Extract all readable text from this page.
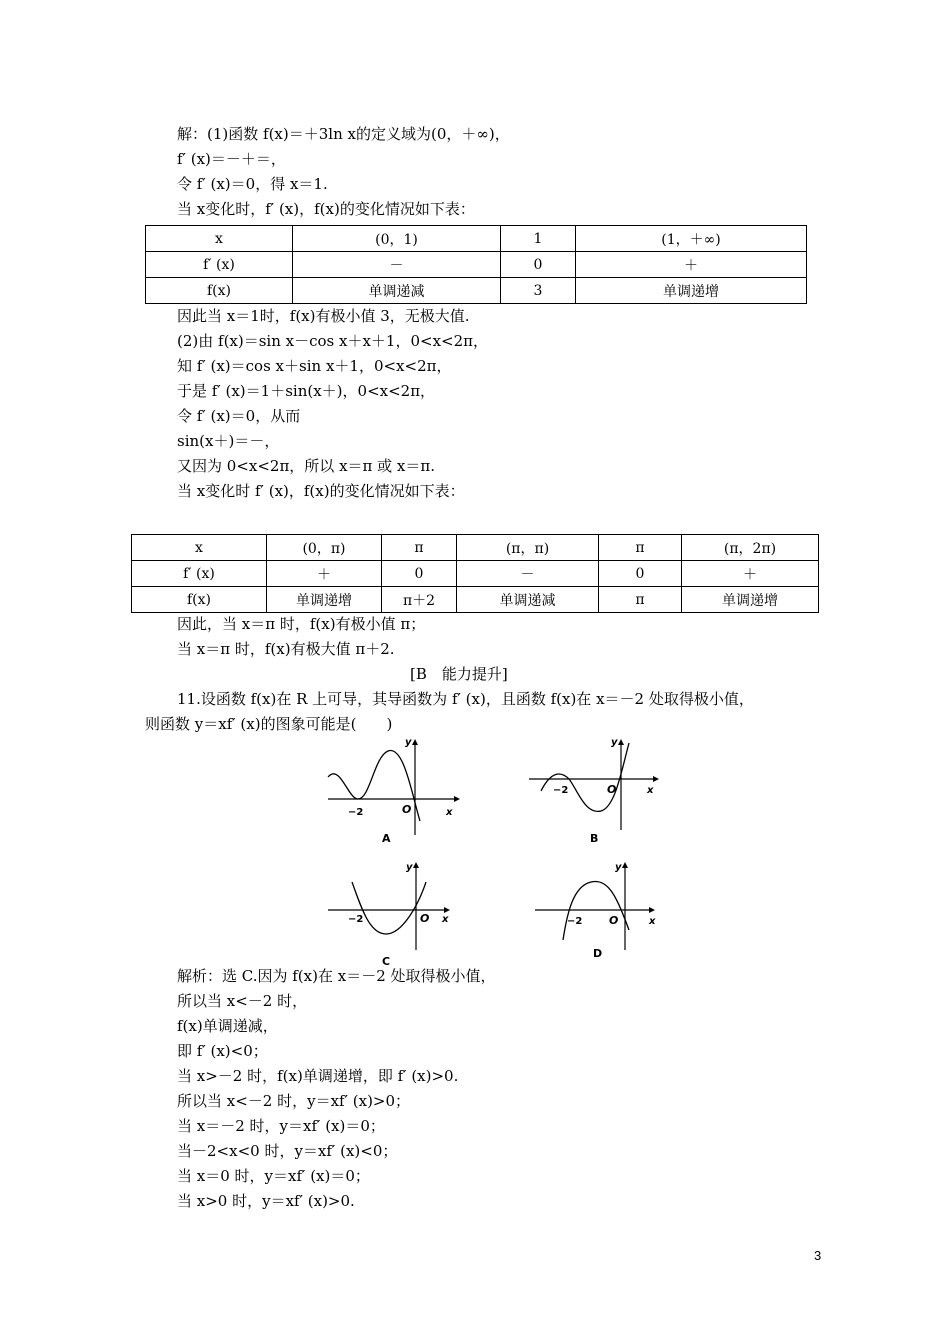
解：(1)函数 f(x)＝＋3ln x的定义域为(0，＋∞)，
f′ (x)＝－＋＝，
令 f′ (x)＝0，得 x＝1.
当 x变化时，f′ (x)，f(x)的变化情况如下表：
x	(0，1)	1	(1，＋∞)
f′ (x)	－	0	＋
f(x)	单调递减	3	单调递增
因此当 x＝1时，f(x)有极小值 3，无极大值.
(2)由 f(x)＝sin x－cos x＋x＋1，0<x<2π，
知 f′ (x)＝cos x＋sin x＋1，0<x<2π，
于是 f′ (x)＝1＋sin(x＋)，0<x<2π，
令 f′ (x)＝0，从而
sin(x＋)＝－，
又因为 0<x<2π，所以 x＝π 或 x＝π.
当 x变化时 f′ (x)，f(x)的变化情况如下表：
x	(0，π)	π	(π，π)	π	(π，2π)
f′ (x)	＋	0	－	0	＋
f(x)	单调递增	π＋2	单调递减	π	单调递增
因此，当 x＝π 时，f(x)有极小值 π；
当 x＝π 时，f(x)有极大值 π＋2.
[B　能力提升]
11.设函数 f(x)在 R 上可导，其导函数为 f′ (x)，且函数 f(x)在 x＝－2 处取得极小值，
则函数 y＝xf′ (x)的图象可能是(　　)
y
x
O
−2
A
y
x
O
−2
B
y
x
O
−2
C
y
x
O
−2
D
解析：选 C.因为 f(x)在 x＝－2 处取得极小值，
所以当 x<－2 时，
f(x)单调递减，
即 f′ (x)<0；
当 x>－2 时，f(x)单调递增，即 f′ (x)>0.
所以当 x<－2 时，y＝xf′ (x)>0；
当 x＝－2 时，y＝xf′ (x)＝0；
当－2<x<0 时，y＝xf′ (x)<0；
当 x＝0 时，y＝xf′ (x)＝0；
当 x>0 时，y＝xf′ (x)>0.
3
